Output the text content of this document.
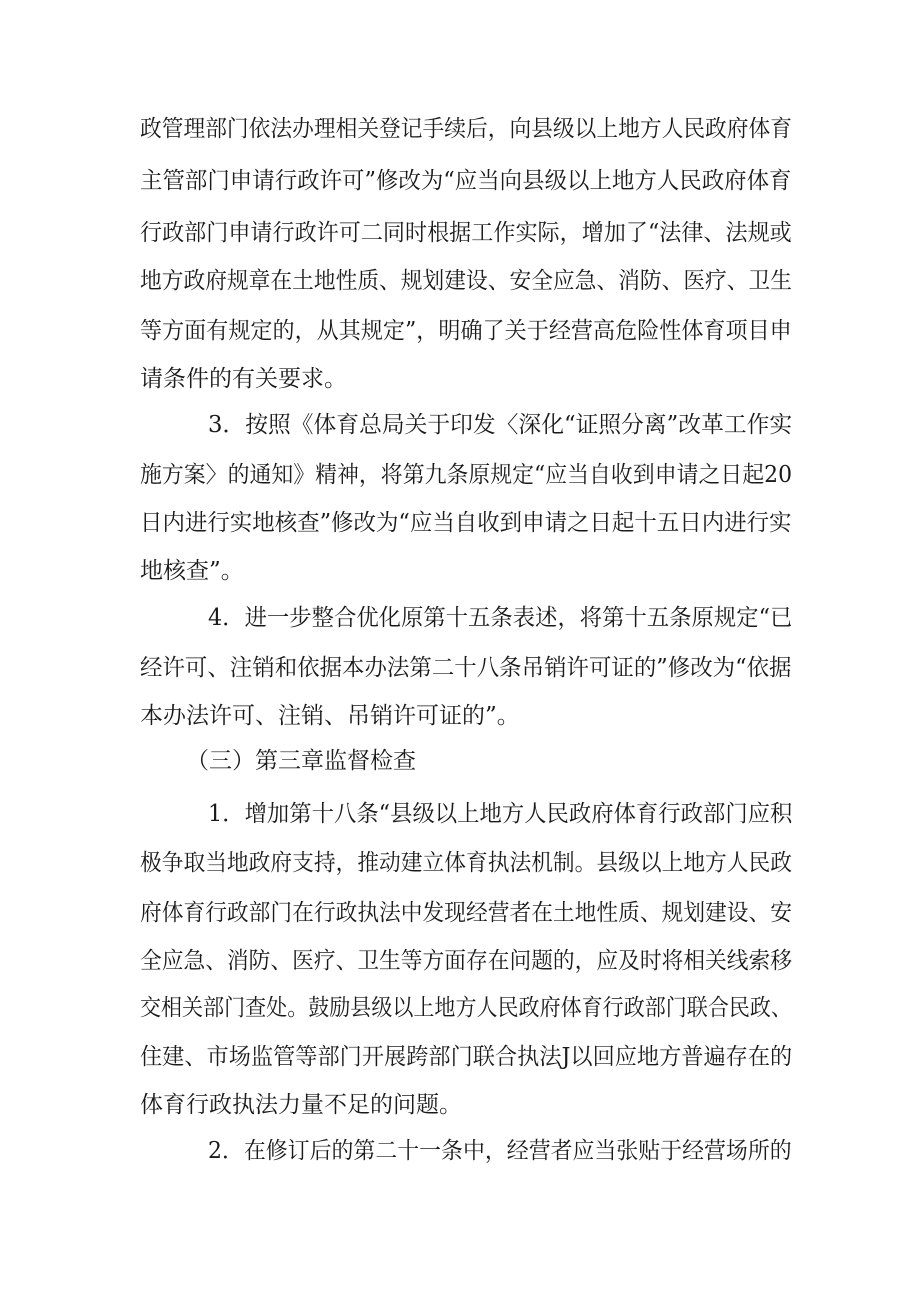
政管理部门依法办理相关登记手续后，向县级以上地方人民政府体育
主管部门申请行政许可”修改为“应当向县级以上地方人民政府体育
行政部门申请行政许可二同时根据工作实际，增加了“法律、法规或
地方政府规章在土地性质、规划建设、安全应急、消防、医疗、卫生
等方面有规定的，从其规定”，明确了关于经营高危险性体育项目申
请条件的有关要求。
3．按照《体育总局关于印发〈深化“证照分离”改革工作实
施方案〉的通知》精神，将第九条原规定“应当自收到申请之日起20
日内进行实地核查”修改为“应当自收到申请之日起十五日内进行实
地核查”。
4．进一步整合优化原第十五条表述，将第十五条原规定“已
经许可、注销和依据本办法第二十八条吊销许可证的”修改为“依据
本办法许可、注销、吊销许可证的”。
（三）第三章监督检查
1．增加第十八条“县级以上地方人民政府体育行政部门应积
极争取当地政府支持，推动建立体育执法机制。县级以上地方人民政
府体育行政部门在行政执法中发现经营者在土地性质、规划建设、安
全应急、消防、医疗、卫生等方面存在问题的，应及时将相关线索移
交相关部门查处。鼓励县级以上地方人民政府体育行政部门联合民政、
住建、市场监管等部门开展跨部门联合执法J以回应地方普遍存在的
体育行政执法力量不足的问题。
2．在修订后的第二十一条中，经营者应当张贴于经营场所的
